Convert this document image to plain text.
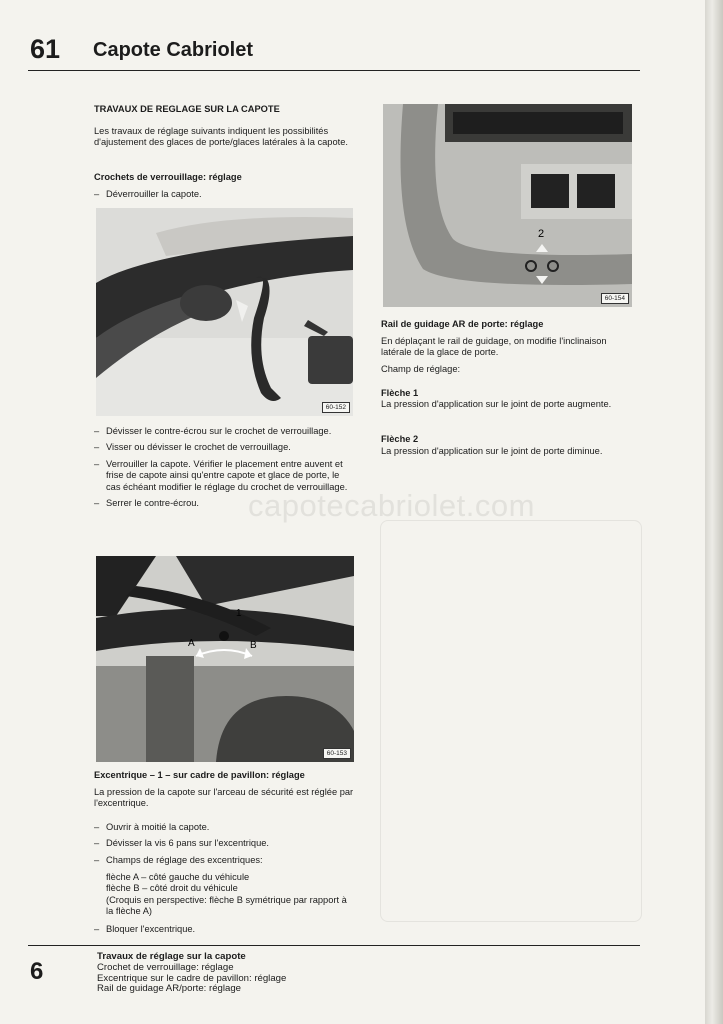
capotecabriolet.com
61 Capote Cabriolet
TRAVAUX DE REGLAGE SUR LA CAPOTE
Les travaux de réglage suivants indiquent les possibilités d'ajustement des glaces de porte/glaces latérales à la capote.
Crochets de verrouillage: réglage
– Déverrouiller la capote.
60-152
– Dévisser le contre-écrou sur le crochet de verrouillage.
– Visser ou dévisser le crochet de verrouillage.
– Verrouiller la capote. Vérifier le placement entre auvent et frise de capote ainsi qu'entre capote et glace de porte, le cas échéant modifier le réglage du crochet de verrouillage.
– Serrer le contre-écrou.
1
A	B
60-153
Excentrique – 1 – sur cadre de pavillon: réglage
La pression de la capote sur l'arceau de sécurité est réglée par l'excentrique.
– Ouvrir à moitié la capote.
– Dévisser la vis 6 pans sur l'excentrique.
– Champs de réglage des excentriques:
flèche A – côté gauche du véhicule
flèche B – côté droit du véhicule
(Croquis en perspective: flèche B symétrique par rapport à la flèche A)
– Bloquer l'excentrique.
2
60-154
Rail de guidage AR de porte: réglage
En déplaçant le rail de guidage, on modifie l'inclinaison latérale de la glace de porte.
Champ de réglage:
Flèche 1
La pression d'application sur le joint de porte augmente.
Flèche 2
La pression d'application sur le joint de porte diminue.
6
Travaux de réglage sur la capote
Crochet de verrouillage: réglage
Excentrique sur le cadre de pavillon: réglage
Rail de guidage AR/porte: réglage
